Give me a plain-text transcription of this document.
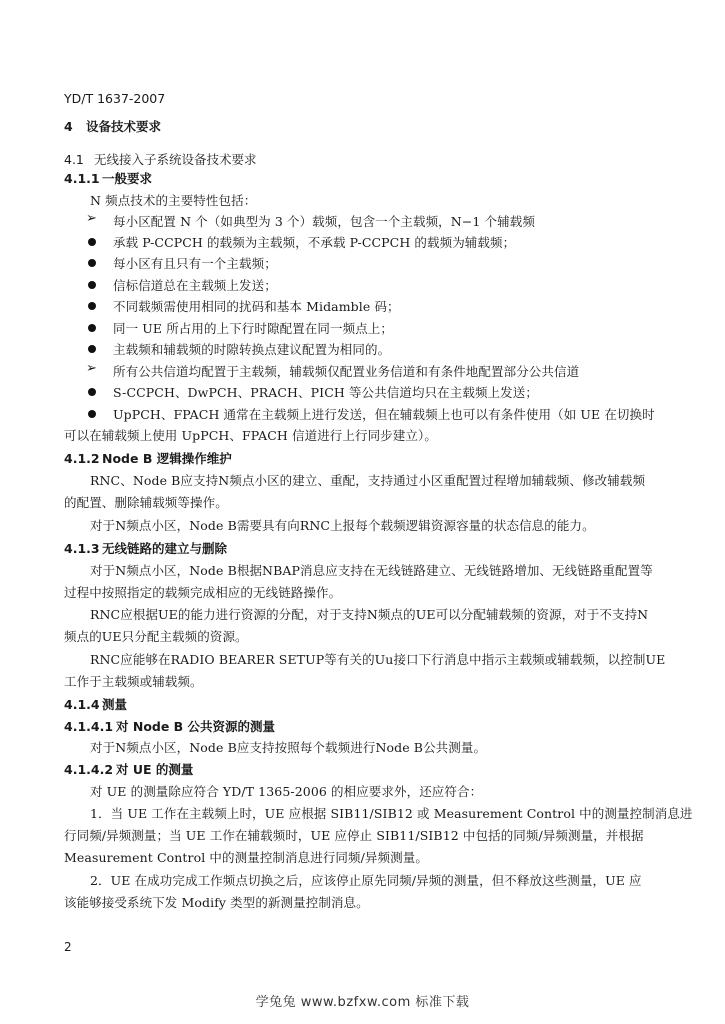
YD/T 1637-2007
4 设备技术要求
4.1 无线接入子系统设备技术要求
4.1.1 一般要求
N 频点技术的主要特性包括：
➢ 每小区配置 N 个（如典型为 3 个）载频，包含一个主载频，N−1 个辅载频
承载 P-CCPCH 的载频为主载频，不承载 P-CCPCH 的载频为辅载频；
每小区有且只有一个主载频；
信标信道总在主载频上发送；
不同载频需使用相同的扰码和基本 Midamble 码；
同一 UE 所占用的上下行时隙配置在同一频点上；
主载频和辅载频的时隙转换点建议配置为相同的。
➢ 所有公共信道均配置于主载频，辅载频仅配置业务信道和有条件地配置部分公共信道
S-CCPCH、DwPCH、PRACH、PICH 等公共信道均只在主载频上发送；
UpPCH、FPACH 通常在主载频上进行发送，但在辅载频上也可以有条件使用（如 UE 在切换时
可以在辅载频上使用 UpPCH、FPACH 信道进行上行同步建立）。
4.1.2 Node B 逻辑操作维护
RNC、Node B应支持N频点小区的建立、重配，支持通过小区重配置过程增加辅载频、修改辅载频
的配置、删除辅载频等操作。
对于N频点小区，Node B需要具有向RNC上报每个载频逻辑资源容量的状态信息的能力。
4.1.3 无线链路的建立与删除
对于N频点小区，Node B根据NBAP消息应支持在无线链路建立、无线链路增加、无线链路重配置等
过程中按照指定的载频完成相应的无线链路操作。
RNC应根据UE的能力进行资源的分配，对于支持N频点的UE可以分配辅载频的资源，对于不支持N
频点的UE只分配主载频的资源。
RNC应能够在RADIO BEARER SETUP等有关的Uu接口下行消息中指示主载频或辅载频，以控制UE
工作于主载频或辅载频。
4.1.4 测量
4.1.4.1 对 Node B 公共资源的测量
对于N频点小区，Node B应支持按照每个载频进行Node B公共测量。
4.1.4.2 对 UE 的测量
对 UE 的测量除应符合 YD/T 1365-2006 的相应要求外，还应符合：
1．当 UE 工作在主载频上时，UE 应根据 SIB11/SIB12 或 Measurement Control 中的测量控制消息进
行同频/异频测量；当 UE 工作在辅载频时，UE 应停止 SIB11/SIB12 中包括的同频/异频测量，并根据
Measurement Control 中的测量控制消息进行同频/异频测量。
2．UE 在成功完成工作频点切换之后，应该停止原先同频/异频的测量，但不释放这些测量，UE 应
该能够接受系统下发 Modify 类型的新测量控制消息。
2
学兔兔 www.bzfxw.com 标准下载
